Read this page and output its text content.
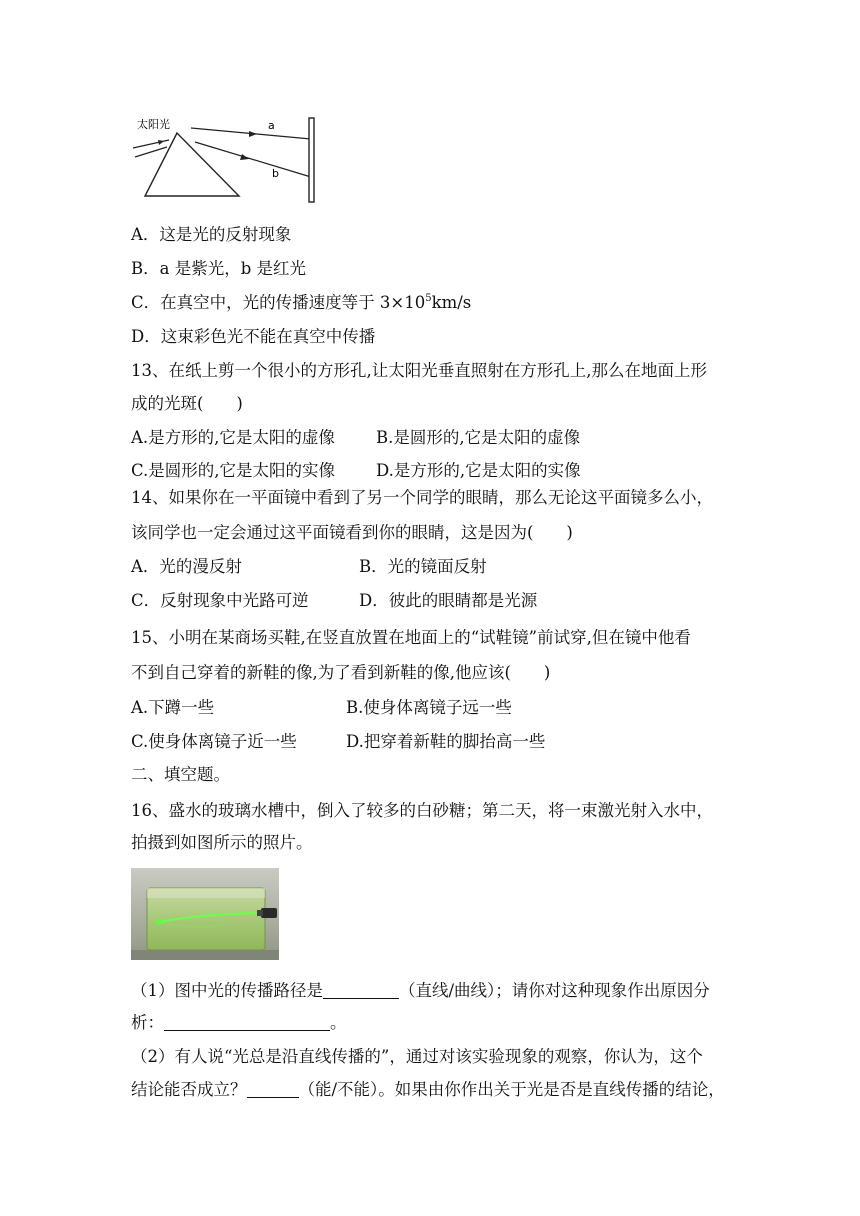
太阳光	a
b
A．这是光的反射现象
B．a 是紫光，b 是红光
C．在真空中，光的传播速度等于 $3\times 10^5km/s$
D．这束彩色光不能在真空中传播
13、在纸上剪一个很小的方形孔,让太阳光垂直照射在方形孔上,那么在地面上形
成的光斑(　　)
A.是方形的,它是太阳的虚像 B.是圆形的,它是太阳的虚像
C.是圆形的,它是太阳的实像 D.是方形的,它是太阳的实像
14、如果你在一平面镜中看到了另一个同学的眼睛，那么无论这平面镜多么小，
该同学也一定会通过这平面镜看到你的眼睛，这是因为(　　)
A．光的漫反射	B．光的镜面反射
C．反射现象中光路可逆	D．彼此的眼睛都是光源
15、小明在某商场买鞋,在竖直放置在地面上的“试鞋镜”前试穿,但在镜中他看
不到自己穿着的新鞋的像,为了看到新鞋的像,他应该(　　)
A.下蹲一些	B.使身体离镜子远一些
C.使身体离镜子近一些	D.把穿着新鞋的脚抬高一些
二、填空题。
16、盛水的玻璃水槽中，倒入了较多的白砂糖；第二天，将一束激光射入水中，
拍摄到如图所示的照片。
（1）图中光的传播路径是	（直线/曲线）；请你对这种现象作出原因分
析：	。
（2）有人说“光总是沿直线传播的”，通过对该实验现象的观察，你认为，这个
结论能否成立？	（能/不能）。如果由你作出关于光是否是直线传播的结论，
